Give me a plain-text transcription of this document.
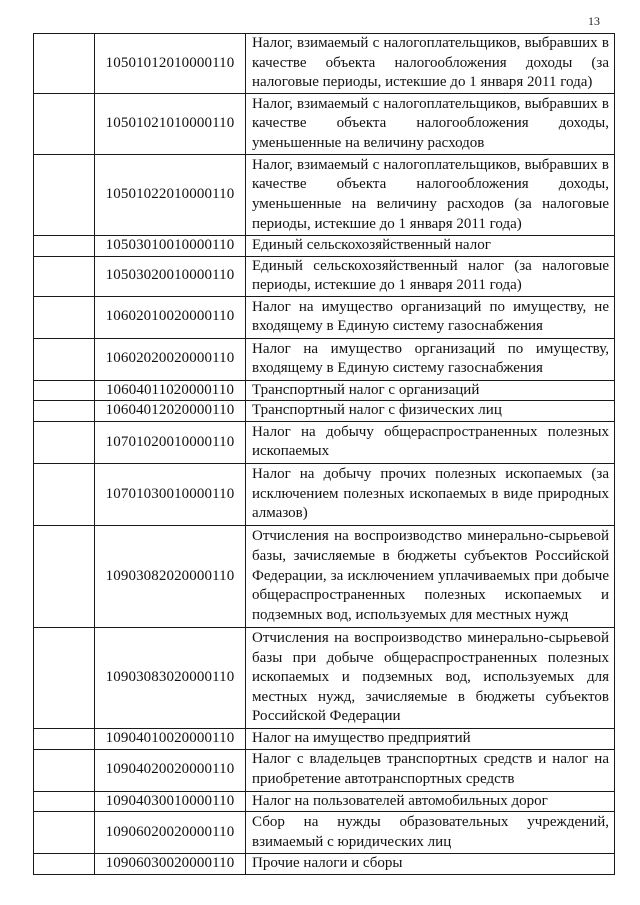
13
	10501012010000110	Налог, взимаемый с налогоплательщиков, выбравших в качестве объекта налогообложения доходы (за налоговые периоды, истекшие до 1 января 2011 года)
	10501021010000110	Налог, взимаемый с налогоплательщиков, выбравших в качестве объекта налогообложения доходы, уменьшенные на величину расходов
	10501022010000110	Налог, взимаемый с налогоплательщиков, выбравших в качестве объекта налогообложения доходы, уменьшенные на величину расходов (за налоговые периоды, истекшие до 1 января 2011 года)
	10503010010000110	Единый сельскохозяйственный налог
	10503020010000110	Единый сельскохозяйственный налог (за налоговые периоды, истекшие до 1 января 2011 года)
	10602010020000110	Налог на имущество организаций по имуществу, не входящему в Единую систему газоснабжения
	10602020020000110	Налог на имущество организаций по имуществу, входящему в Единую систему газоснабжения
	10604011020000110	Транспортный налог с организаций
	10604012020000110	Транспортный налог с физических лиц
	10701020010000110	Налог на добычу общераспространенных полезных ископаемых
	10701030010000110	Налог на добычу прочих полезных ископаемых (за исключением полезных ископаемых в виде природных алмазов)
	10903082020000110	Отчисления на воспроизводство минерально-сырьевой базы, зачисляемые в бюджеты субъектов Российской Федерации, за исключением уплачиваемых при добыче общераспространенных полезных ископаемых и подземных вод, используемых для местных нужд
	10903083020000110	Отчисления на воспроизводство минерально-сырьевой базы при добыче общераспространенных полезных ископаемых и подземных вод, используемых для местных нужд, зачисляемые в бюджеты субъектов Российской Федерации
	10904010020000110	Налог на имущество предприятий
	10904020020000110	Налог с владельцев транспортных средств и налог на приобретение автотранспортных средств
	10904030010000110	Налог на пользователей автомобильных дорог
	10906020020000110	Сбор на нужды образовательных учреждений, взимаемый с юридических лиц
	10906030020000110	Прочие налоги и сборы
